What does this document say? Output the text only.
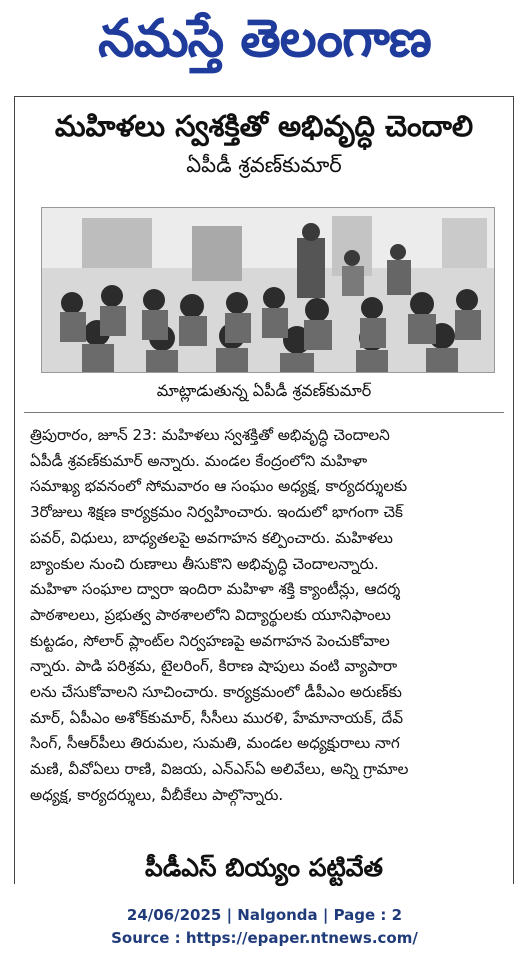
నమస్తే తెలంగాణ
మహిళలు స్వశక్తితో అభివృద్ధి చెందాలి
ఏపీడీ శ్రవణ్‌కుమార్
మాట్లాడుతున్న ఏపీడీ శ్రవణ్‌కుమార్
త్రిపురారం, జూన్ 23: మహిళలు స్వశక్తితో అభివృద్ధి చెందాలని
ఏపీడీ శ్రవణ్‌కుమార్ అన్నారు. మండల కేంద్రంలోని మహిళా
సమాఖ్య భవనంలో సోమవారం ఆ సంఘం అధ్యక్ష, కార్యదర్శులకు
3రోజులు శిక్షణ కార్యక్రమం నిర్వహించారు. ఇందులో భాగంగా చెక్
పవర్, విధులు, బాధ్యతలపై అవగాహన కల్పించారు. మహిళలు
బ్యాంకుల నుంచి రుణాలు తీసుకొని అభివృద్ధి చెందాలన్నారు.
మహిళా సంఘాల ద్వారా ఇందిరా మహిళా శక్తి క్యాంటీన్లు, ఆదర్శ
పాఠశాలలు, ప్రభుత్వ పాఠశాలలోని విద్యార్థులకు యూనిఫాంలు
కుట్టడం, సోలార్ ప్లాంట్‌ల నిర్వహణపై అవగాహన పెంచుకోవాల
న్నారు. పాడి పరిశ్రమ, టైలరింగ్, కిరాణ షాపులు వంటి వ్యాపారా
లను చేసుకోవాలని సూచించారు. కార్యక్రమంలో డీపీఎం అరుణ్‌కు
మార్, ఏపీఎం అశోక్‌కుమార్, సీసీలు మురళి, హేమానాయక్, దేవ్
సింగ్, సీఆర్‌పీలు తిరుమల, సుమతి, మండల అధ్యక్షురాలు నాగ
మణి, వీవోఏలు రాణి, విజయ, ఎన్ఎస్ఏ అలివేలు, అన్ని గ్రామాల
అధ్యక్ష, కార్యదర్శులు, వీబీకేలు పాల్గొన్నారు.
పీడీఎస్ బియ్యం పట్టివేత
24/06/2025 | Nalgonda | Page : 2
Source : https://epaper.ntnews.com/
